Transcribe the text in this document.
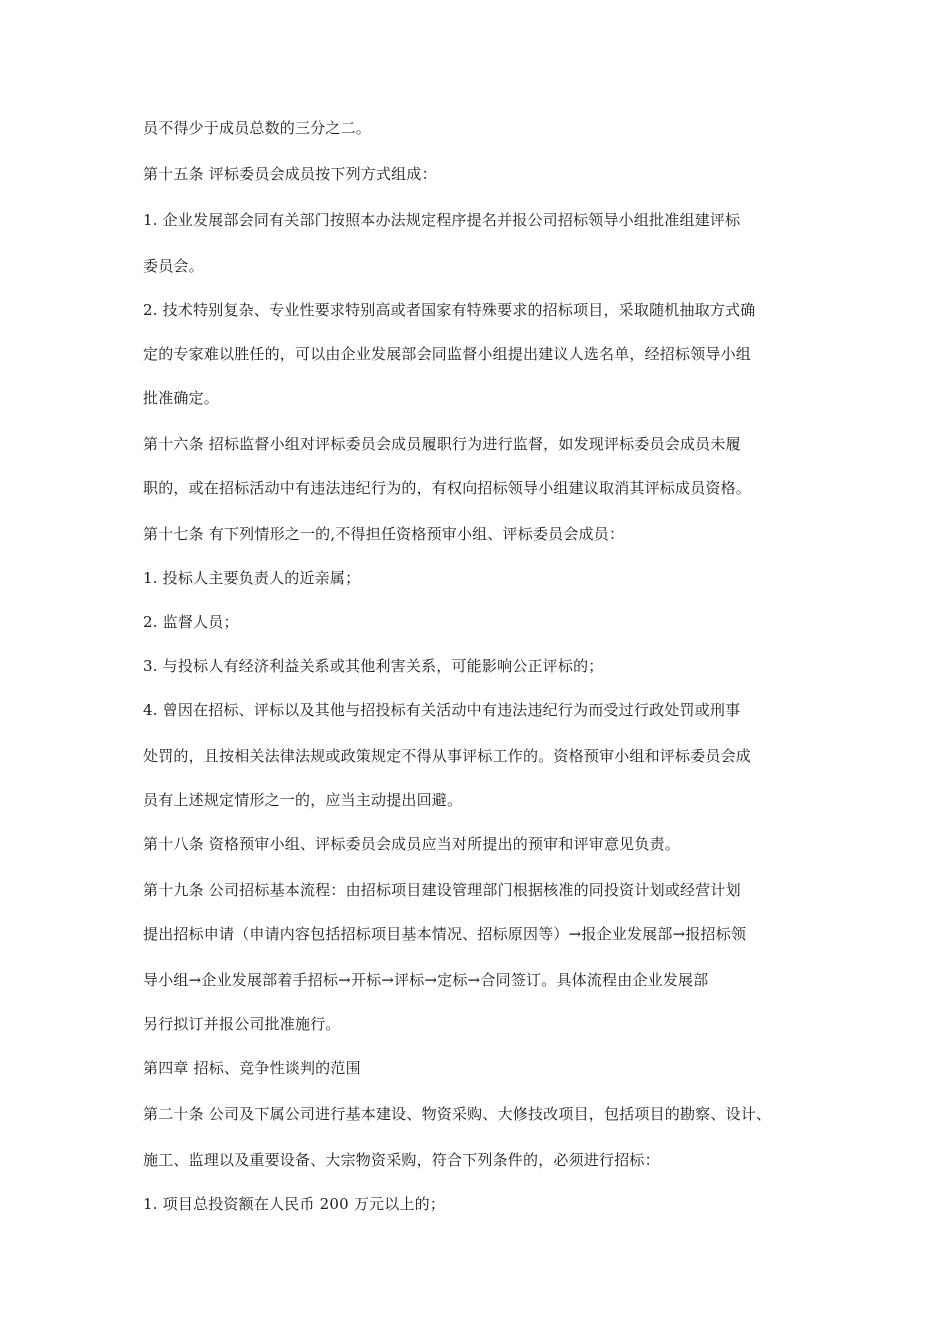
员不得少于成员总数的三分之二。
第十五条 评标委员会成员按下列方式组成：
1. 企业发展部会同有关部门按照本办法规定程序提名并报公司招标领导小组批准组建评标
委员会。
2. 技术特别复杂、专业性要求特别高或者国家有特殊要求的招标项目，采取随机抽取方式确
定的专家难以胜任的，可以由企业发展部会同监督小组提出建议人选名单，经招标领导小组
批准确定。
第十六条 招标监督小组对评标委员会成员履职行为进行监督，如发现评标委员会成员未履
职的，或在招标活动中有违法违纪行为的，有权向招标领导小组建议取消其评标成员资格。
第十七条 有下列情形之一的,不得担任资格预审小组、评标委员会成员：
1. 投标人主要负责人的近亲属；
2. 监督人员；
3. 与投标人有经济利益关系或其他利害关系，可能影响公正评标的；
4. 曾因在招标、评标以及其他与招投标有关活动中有违法违纪行为而受过行政处罚或刑事
处罚的，且按相关法律法规或政策规定不得从事评标工作的。资格预审小组和评标委员会成
员有上述规定情形之一的，应当主动提出回避。
第十八条 资格预审小组、评标委员会成员应当对所提出的预审和评审意见负责。
第十九条 公司招标基本流程：由招标项目建设管理部门根据核准的同投资计划或经营计划
提出招标申请（申请内容包括招标项目基本情况、招标原因等）→报企业发展部→报招标领
导小组→企业发展部着手招标→开标→评标→定标→合同签订。具体流程由企业发展部
另行拟订并报公司批准施行。
第四章 招标、竞争性谈判的范围
第二十条 公司及下属公司进行基本建设、物资采购、大修技改项目，包括项目的勘察、设计、
施工、监理以及重要设备、大宗物资采购，符合下列条件的，必须进行招标：
1. 项目总投资额在人民币 200 万元以上的；
